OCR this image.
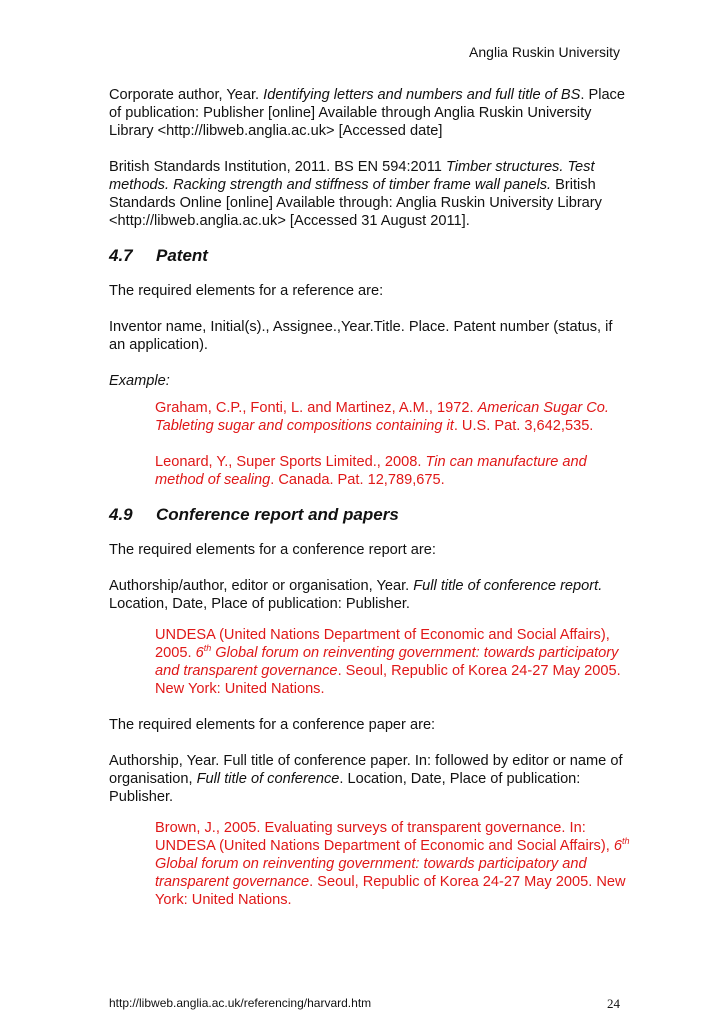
Anglia Ruskin University

Corporate author, Year. Identifying letters and numbers and full title of BS. Place of publication: Publisher [online] Available through Anglia Ruskin University Library <http://libweb.anglia.ac.uk> [Accessed date]

British Standards Institution, 2011. BS EN 594:2011 Timber structures. Test methods. Racking strength and stiffness of timber frame wall panels. British Standards Online [online] Available through: Anglia Ruskin University Library <http://libweb.anglia.ac.uk> [Accessed 31 August 2011].

4.7 Patent

The required elements for a reference are:

Inventor name, Initial(s)., Assignee.,Year.Title. Place. Patent number (status, if an application).

Example:

Graham, C.P., Fonti, L. and Martinez, A.M., 1972. American Sugar Co. Tableting sugar and compositions containing it. U.S. Pat. 3,642,535.

Leonard, Y., Super Sports Limited., 2008. Tin can manufacture and method of sealing. Canada. Pat. 12,789,675.

4.9 Conference report and papers

The required elements for a conference report are:

Authorship/author, editor or organisation, Year. Full title of conference report. Location, Date, Place of publication: Publisher.

UNDESA (United Nations Department of Economic and Social Affairs), 2005. 6th Global forum on reinventing government: towards participatory and transparent governance. Seoul, Republic of Korea 24-27 May 2005. New York: United Nations.

The required elements for a conference paper are:

Authorship, Year. Full title of conference paper. In: followed by editor or name of organisation, Full title of conference. Location, Date, Place of publication: Publisher.

Brown, J., 2005. Evaluating surveys of transparent governance. In: UNDESA (United Nations Department of Economic and Social Affairs), 6th Global forum on reinventing government: towards participatory and transparent governance. Seoul, Republic of Korea 24-27 May 2005. New York: United Nations.

http://libweb.anglia.ac.uk/referencing/harvard.htm	24
